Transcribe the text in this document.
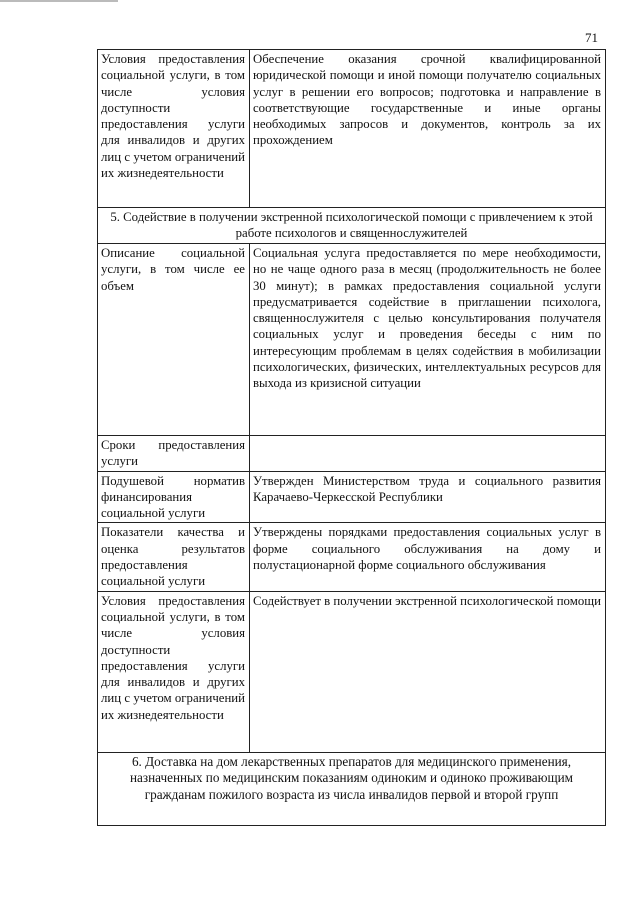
71
Условия предоставления социальной услуги, в том числе условия доступности предоставления услуги для инвалидов и других лиц с учетом ограничений их жизнедеятельности	Обеспечение оказания срочной квалифицированной юридической помощи и иной помощи получателю социальных услуг в решении его вопросов; подготовка и направление в соответствующие государственные и иные органы необходимых запросов и документов, контроль за их прохождением
5. Содействие в получении экстренной психологической помощи с привлечением к этой работе психологов и священнослужителей	
Описание социальной услуги, в том числе ее объем	Социальная услуга предоставляется по мере необходимости, но не чаще одного раза в месяц (продолжительность не более 30 минут); в рамках предоставления социальной услуги предусматривается содействие в приглашении психолога, священнослужителя с целью консультирования получателя социальных услуг и проведения беседы с ним по интересующим проблемам в целях содействия в мобилизации психологических, физических, интеллектуальных ресурсов для выхода из кризисной ситуации
Сроки предоставления услуги	
Подушевой норматив финансирования социальной услуги	Утвержден Министерством труда и социального развития Карачаево-Черкесской Республики
Показатели качества и оценка результатов предоставления социальной услуги	Утверждены порядками предоставления социальных услуг в форме социального обслуживания на дому и полустационарной форме социального обслуживания
Условия предоставления социальной услуги, в том числе условия доступности предоставления услуги для инвалидов и других лиц с учетом ограничений их жизнедеятельности	Содействует в получении экстренной психологической помощи
6. Доставка на дом лекарственных препаратов для медицинского применения, назначенных по медицинским показаниям одиноким и одиноко проживающим гражданам пожилого возраста из числа инвалидов первой и второй групп	
